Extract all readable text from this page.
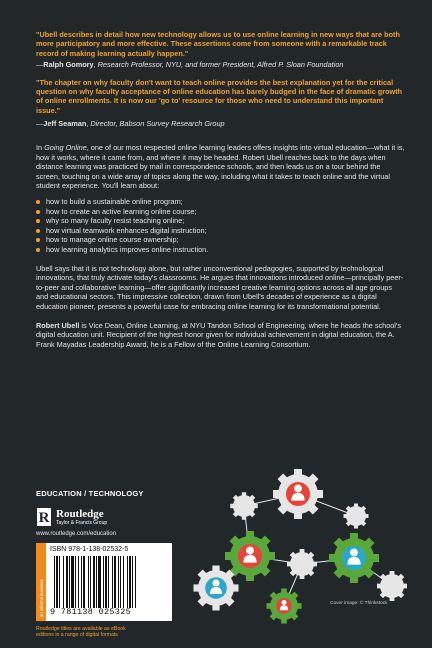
"Ubell describes in detail how new technology allows us to use online learning in new ways that are both more participatory and more effective. These assertions come from someone with a remarkable track record of making learning actually happen."

—Ralph Gomory, Research Professor, NYU, and former President, Alfred P. Sloan Foundation

"The chapter on why faculty don't want to teach online provides the best explanation yet for the critical question on why faculty acceptance of online education has barely budged in the face of dramatic growth of online enrollments. It is now our 'go to' resource for those who need to understand this important issue."

—Jeff Seaman, Director, Babson Survey Research Group

In Going Online, one of our most respected online learning leaders offers insights into virtual education—what it is, how it works, where it came from, and where it may be headed. Robert Ubell reaches back to the days when distance learning was practiced by mail in correspondence schools, and then leads us on a tour behind the screen, touching on a wide array of topics along the way, including what it takes to teach online and the virtual student experience. You'll learn about:

how to build a sustainable online program;
how to create an active learning online course;
why so many faculty resist teaching online;
how virtual teamwork enhances digital instruction;
how to manage online course ownership;
how learning analytics improves online instruction.

Ubell says that it is not technology alone, but rather unconventional pedagogies, supported by technological innovations, that truly activate today's classrooms. He argues that innovations introduced online—principally peer-to-peer and collaborative learning—offer significantly increased creative learning options across all age groups and educational sectors. This impressive collection, drawn from Ubell's decades of experience as a digital education pioneer, presents a powerful case for embracing online learning for its transformational potential.

Robert Ubell is Vice Dean, Online Learning, at NYU Tandon School of Engineering, where he heads the school's digital education unit. Recipient of the highest honor given for individual achievement in digital education, the A. Frank Mayadas Leadership Award, he is a Fellow of the Online Learning Consortium.

EDUCATION / TECHNOLOGY
R Routledge
Taylor & Francis Group
www.routledge.com/education
an informa business
ISBN 978-1-138-02532-5
9 781138 025325
Routledge titles are available as eBook
editions in a range of digital formats
Cover image: © Thinkstock
